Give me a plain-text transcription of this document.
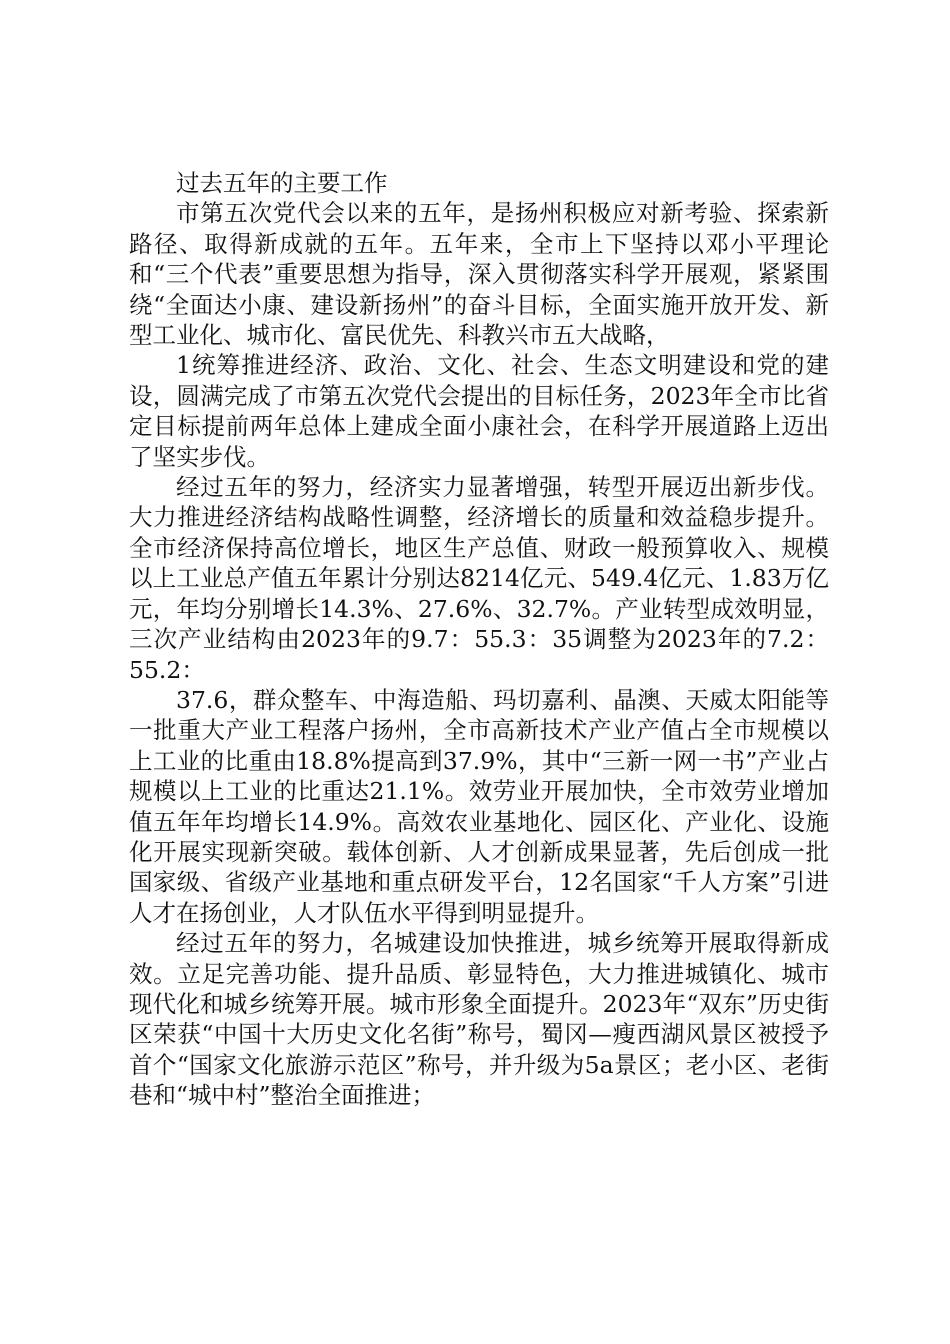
过去五年的主要工作

市第五次党代会以来的五年，是扬州积极应对新考验、探索新路径、取得新成就的五年。五年来，全市上下坚持以邓小平理论和“三个代表”重要思想为指导，深入贯彻落实科学开展观，紧紧围绕“全面达小康、建设新扬州”的奋斗目标，全面实施开放开发、新型工业化、城市化、富民优先、科教兴市五大战略，

1统筹推进经济、政治、文化、社会、生态文明建设和党的建设，圆满完成了市第五次党代会提出的目标任务，2023年全市比省定目标提前两年总体上建成全面小康社会，在科学开展道路上迈出了坚实步伐。

经过五年的努力，经济实力显著增强，转型开展迈出新步伐。大力推进经济结构战略性调整，经济增长的质量和效益稳步提升。全市经济保持高位增长，地区生产总值、财政一般预算收入、规模以上工业总产值五年累计分别达8214亿元、549.4亿元、1.83万亿元，年均分别增长14.3%、27.6%、32.7%。产业转型成效明显，三次产业结构由2023年的9.7：55.3：35调整为2023年的7.2：55.2：

37.6，群众整车、中海造船、玛切嘉利、晶澳、天威太阳能等一批重大产业工程落户扬州，全市高新技术产业产值占全市规模以上工业的比重由18.8%提高到37.9%，其中“三新一网一书”产业占规模以上工业的比重达21.1%。效劳业开展加快，全市效劳业增加值五年年均增长14.9%。高效农业基地化、园区化、产业化、设施化开展实现新突破。载体创新、人才创新成果显著，先后创成一批国家级、省级产业基地和重点研发平台，12名国家“千人方案”引进人才在扬创业，人才队伍水平得到明显提升。

经过五年的努力，名城建设加快推进，城乡统筹开展取得新成效。立足完善功能、提升品质、彰显特色，大力推进城镇化、城市现代化和城乡统筹开展。城市形象全面提升。2023年“双东”历史街区荣获“中国十大历史文化名街”称号，蜀冈—瘦西湖风景区被授予首个“国家文化旅游示范区”称号，并升级为5a景区；老小区、老街巷和“城中村”整治全面推进；
